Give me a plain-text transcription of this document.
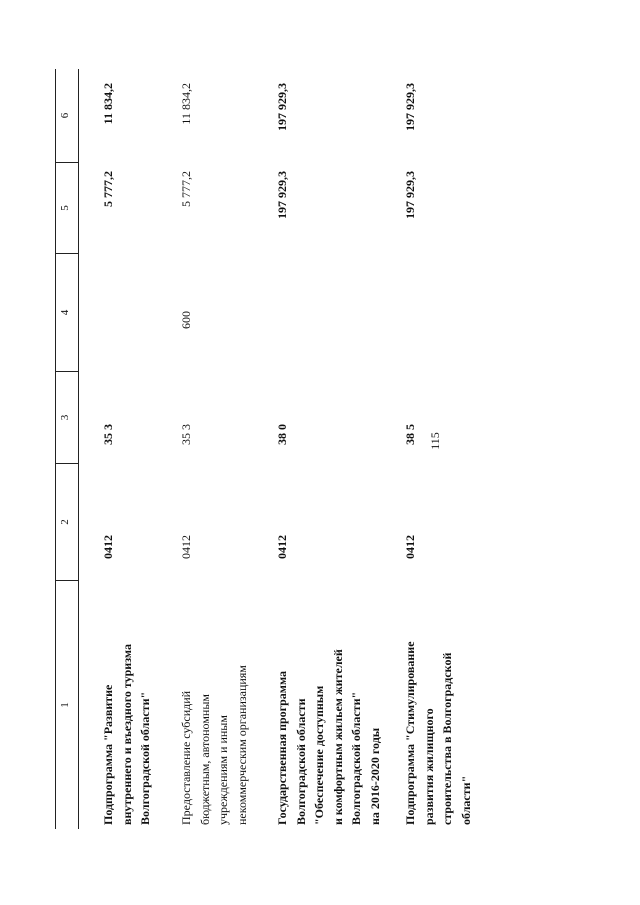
115
1
2
3
4
5
6
Подпрограмма "Развитие
внутреннего и въездного туризма
Волгоградской области"
0412
35 3
5 777,2
11 834,2
Предоставление субсидий
бюджетным, автономным
учреждениям и иным
некоммерческим организациям
0412
35 3
600
5 777,2
11 834,2
Государственная программа
Волгоградской области
"Обеспечение доступным
и комфортным жильем жителей
Волгоградской области"
на 2016-2020 годы
0412
38 0
197 929,3
197 929,3
Подпрограмма "Стимулирование
развития жилищного
строительства в Волгоградской
области"
0412
38 5
197 929,3
197 929,3
